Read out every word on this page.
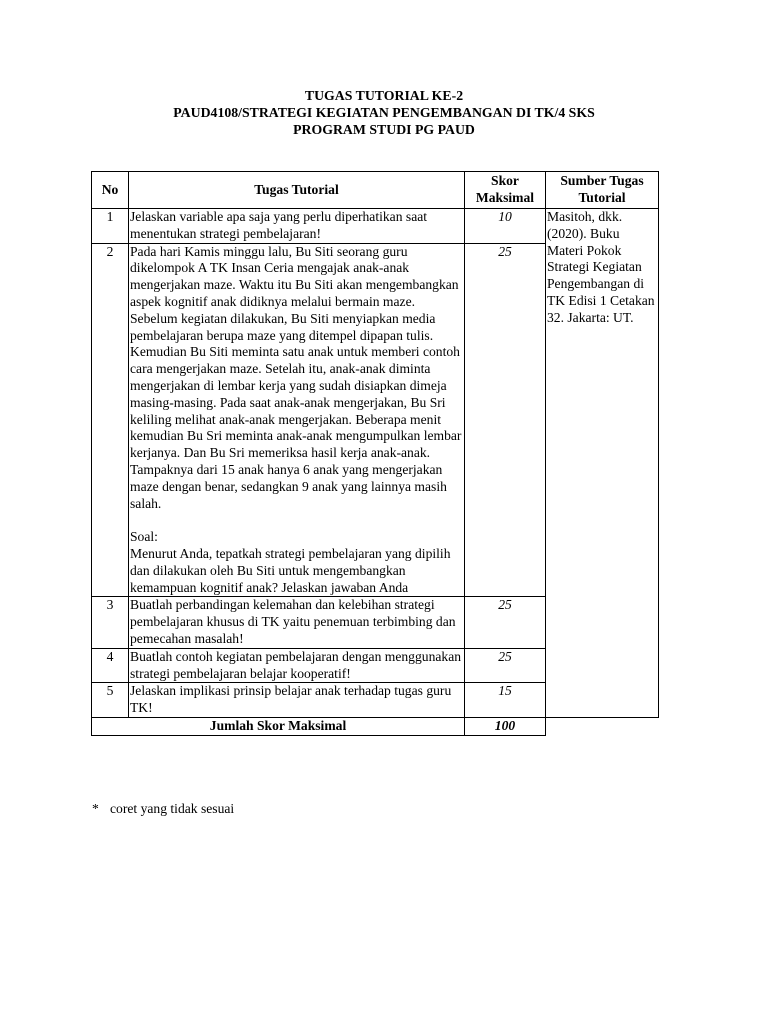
TUGAS TUTORIAL KE-2
PAUD4108/STRATEGI KEGIATAN PENGEMBANGAN DI TK/4 SKS
PROGRAM STUDI PG PAUD
No	Tugas Tutorial	Skor Maksimal	Sumber Tugas Tutorial
1	Jelaskan variable apa saja yang perlu diperhatikan saat menentukan strategi pembelajaran!	10	Masitoh, dkk. (2020). Buku Materi Pokok Strategi Kegiatan Pengembangan di TK Edisi 1 Cetakan 32. Jakarta: UT.
2	Pada hari Kamis minggu lalu, Bu Siti seorang guru dikelompok A TK Insan Ceria mengajak anak-anak mengerjakan maze. Waktu itu Bu Siti akan mengembangkan aspek kognitif anak didiknya melalui bermain maze. Sebelum kegiatan dilakukan, Bu Siti menyiapkan media pembelajaran berupa maze yang ditempel dipapan tulis. Kemudian Bu Siti meminta satu anak untuk memberi contoh cara mengerjakan maze. Setelah itu, anak-anak diminta mengerjakan di lembar kerja yang sudah disiapkan dimeja masing-masing. Pada saat anak-anak mengerjakan, Bu Sri keliling melihat anak-anak mengerjakan. Beberapa menit kemudian Bu Sri meminta anak-anak mengumpulkan lembar kerjanya. Dan Bu Sri memeriksa hasil kerja anak-anak. Tampaknya dari 15 anak hanya 6 anak yang mengerjakan maze dengan benar, sedangkan 9 anak yang lainnya masih salah.
Soal:
Menurut Anda, tepatkah strategi pembelajaran yang dipilih dan dilakukan oleh Bu Siti untuk mengembangkan kemampuan kognitif anak? Jelaskan jawaban Anda	25	
3	Buatlah perbandingan kelemahan dan kelebihan strategi pembelajaran khusus di TK yaitu penemuan terbimbing dan pemecahan masalah!	25	
4	Buatlah contoh kegiatan pembelajaran dengan menggunakan strategi pembelajaran belajar kooperatif!	25	
5	Jelaskan implikasi prinsip belajar anak terhadap tugas guru TK!	15	
Jumlah Skor Maksimal		100	
* coret yang tidak sesuai
